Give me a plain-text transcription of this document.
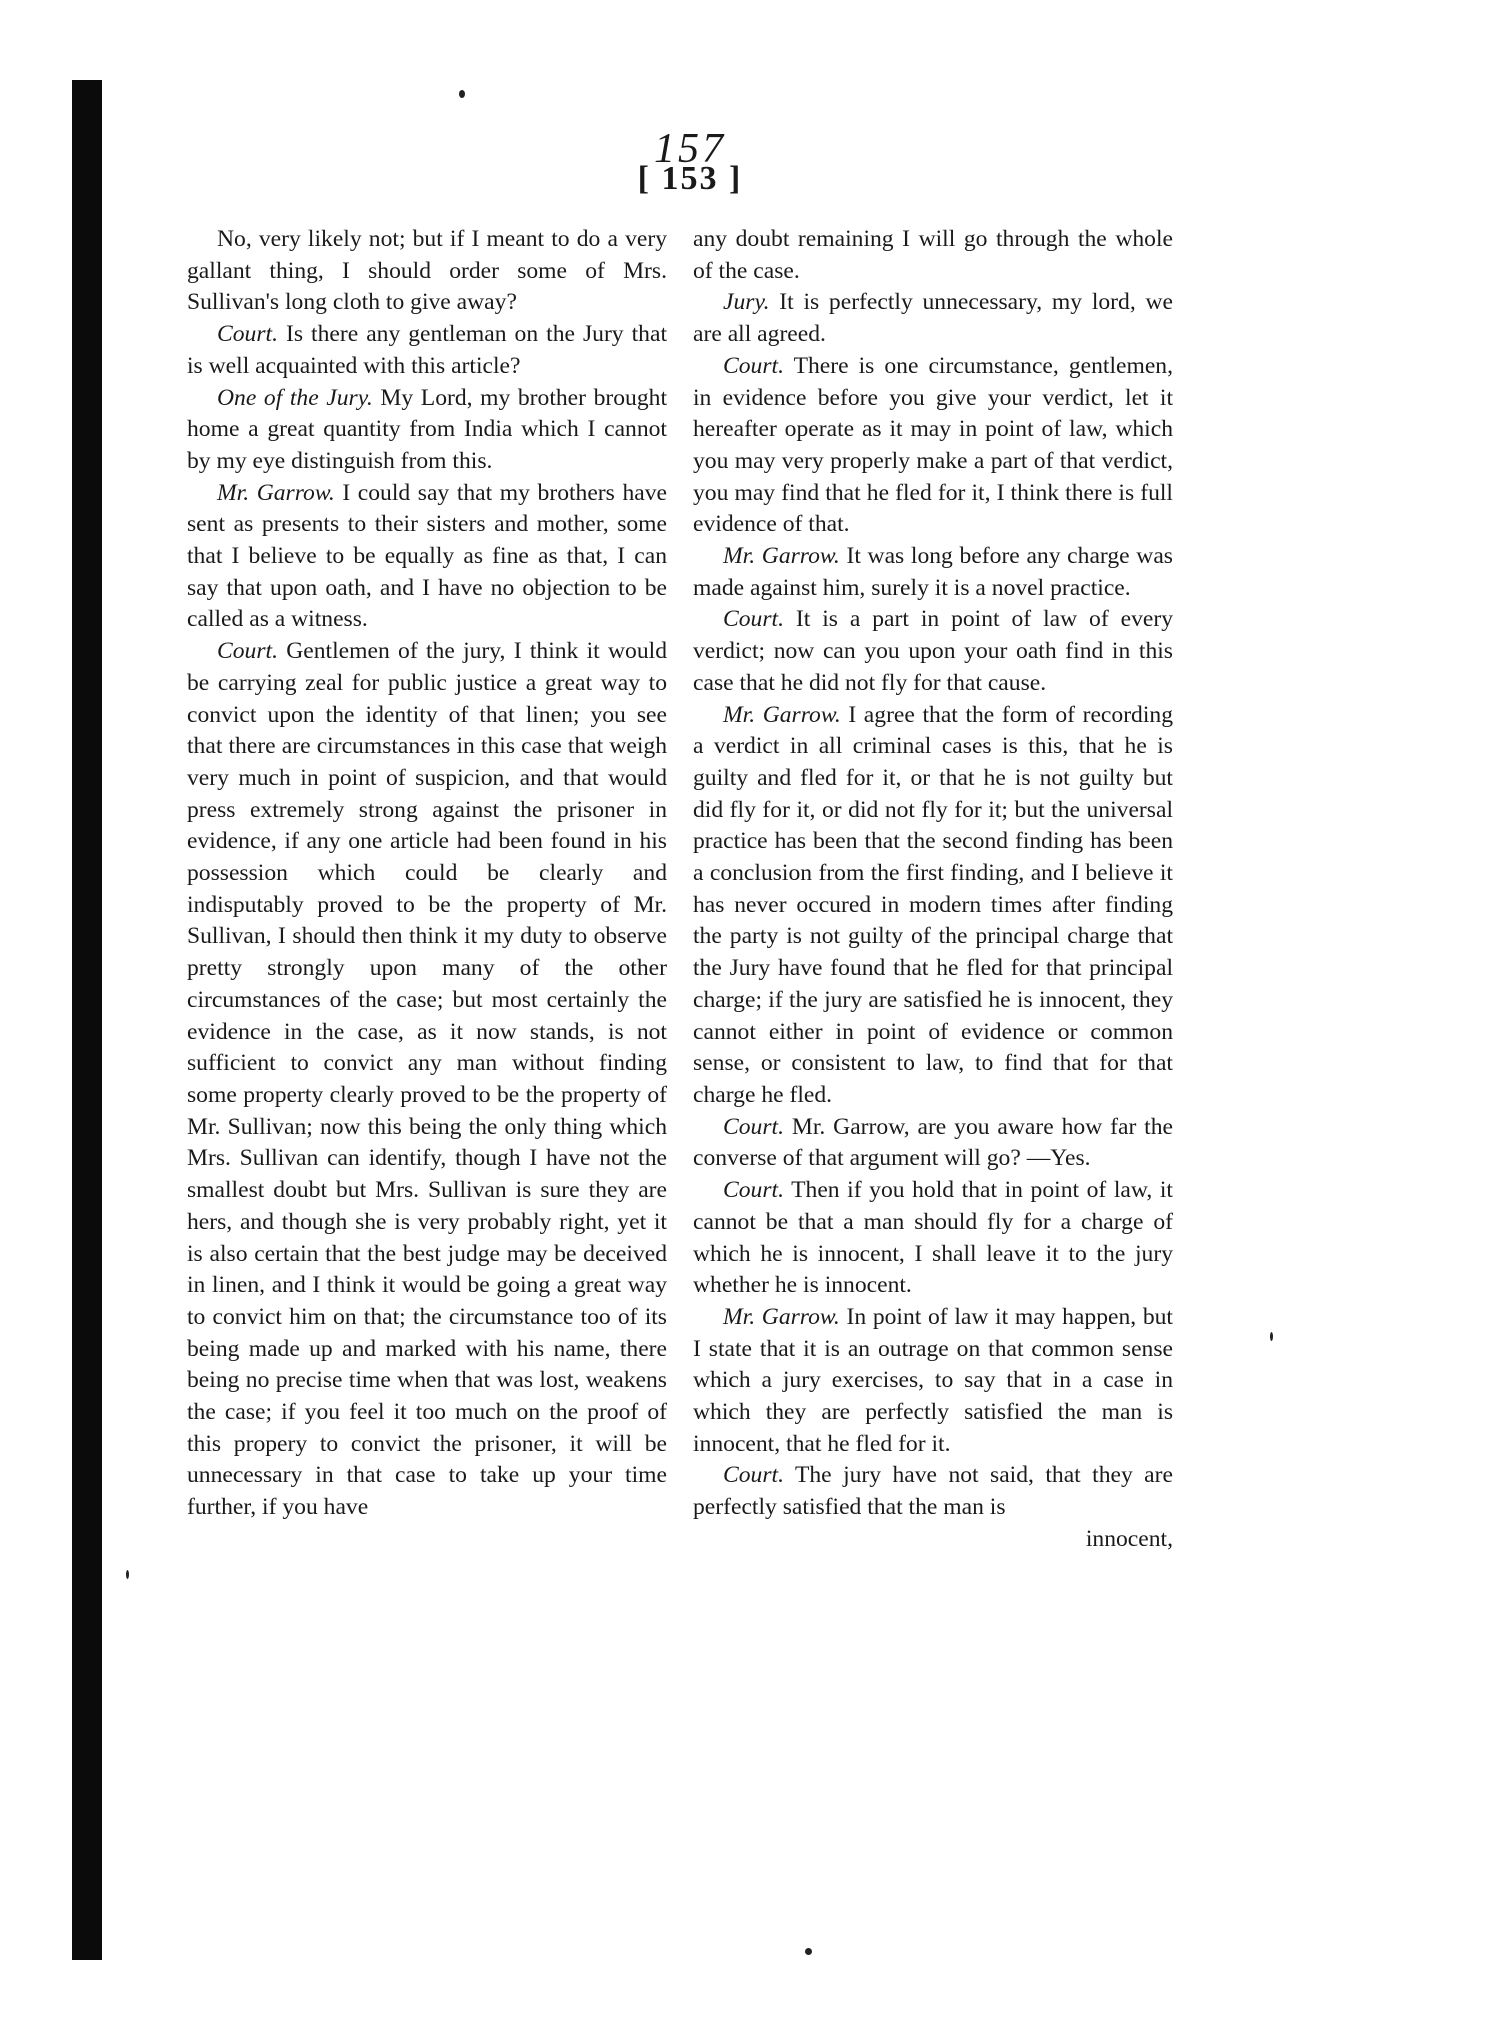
157
[ 153 ]

No, very likely not; but if I meant to do a very gallant thing, I should order some of Mrs. Sullivan's long cloth to give away?

Court. Is there any gentleman on the Jury that is well acquainted with this article?

One of the Jury. My Lord, my brother brought home a great quantity from India which I cannot by my eye distinguish from this.

Mr. Garrow. I could say that my brothers have sent as presents to their sisters and mother, some that I believe to be equally as fine as that, I can say that upon oath, and I have no objection to be called as a witness.

Court. Gentlemen of the jury, I think it would be carrying zeal for public justice a great way to convict upon the identity of that linen; you see that there are circumstances in this case that weigh very much in point of suspicion, and that would press extremely strong against the prisoner in evidence, if any one article had been found in his possession which could be clearly and indisputably proved to be the property of Mr. Sullivan, I should then think it my duty to observe pretty strongly upon many of the other circumstances of the case; but most certainly the evidence in the case, as it now stands, is not sufficient to convict any man without finding some property clearly proved to be the property of Mr. Sullivan; now this being the only thing which Mrs. Sullivan can identify, though I have not the smallest doubt but Mrs. Sullivan is sure they are hers, and though she is very probably right, yet it is also certain that the best judge may be deceived in linen, and I think it would be going a great way to convict him on that; the circumstance too of its being made up and marked with his name, there being no precise time when that was lost, weakens the case; if you feel it too much on the proof of this propery to convict the prisoner, it will be unnecessary in that case to take up your time further, if you have

any doubt remaining I will go through the whole of the case.

Jury. It is perfectly unnecessary, my lord, we are all agreed.

Court. There is one circumstance, gentlemen, in evidence before you give your verdict, let it hereafter operate as it may in point of law, which you may very properly make a part of that verdict, you may find that he fled for it, I think there is full evidence of that.

Mr. Garrow. It was long before any charge was made against him, surely it is a novel practice.

Court. It is a part in point of law of every verdict; now can you upon your oath find in this case that he did not fly for that cause.

Mr. Garrow. I agree that the form of recording a verdict in all criminal cases is this, that he is guilty and fled for it, or that he is not guilty but did fly for it, or did not fly for it; but the universal practice has been that the second finding has been a conclusion from the first finding, and I believe it has never occured in modern times after finding the party is not guilty of the principal charge that the Jury have found that he fled for that principal charge; if the jury are satisfied he is innocent, they cannot either in point of evidence or common sense, or consistent to law, to find that for that charge he fled.

Court. Mr. Garrow, are you aware how far the converse of that argument will go? —Yes.

Court. Then if you hold that in point of law, it cannot be that a man should fly for a charge of which he is innocent, I shall leave it to the jury whether he is innocent.

Mr. Garrow. In point of law it may happen, but I state that it is an outrage on that common sense which a jury exercises, to say that in a case in which they are perfectly satisfied the man is innocent, that he fled for it.

Court. The jury have not said, that they are perfectly satisfied that the man is

innocent,
